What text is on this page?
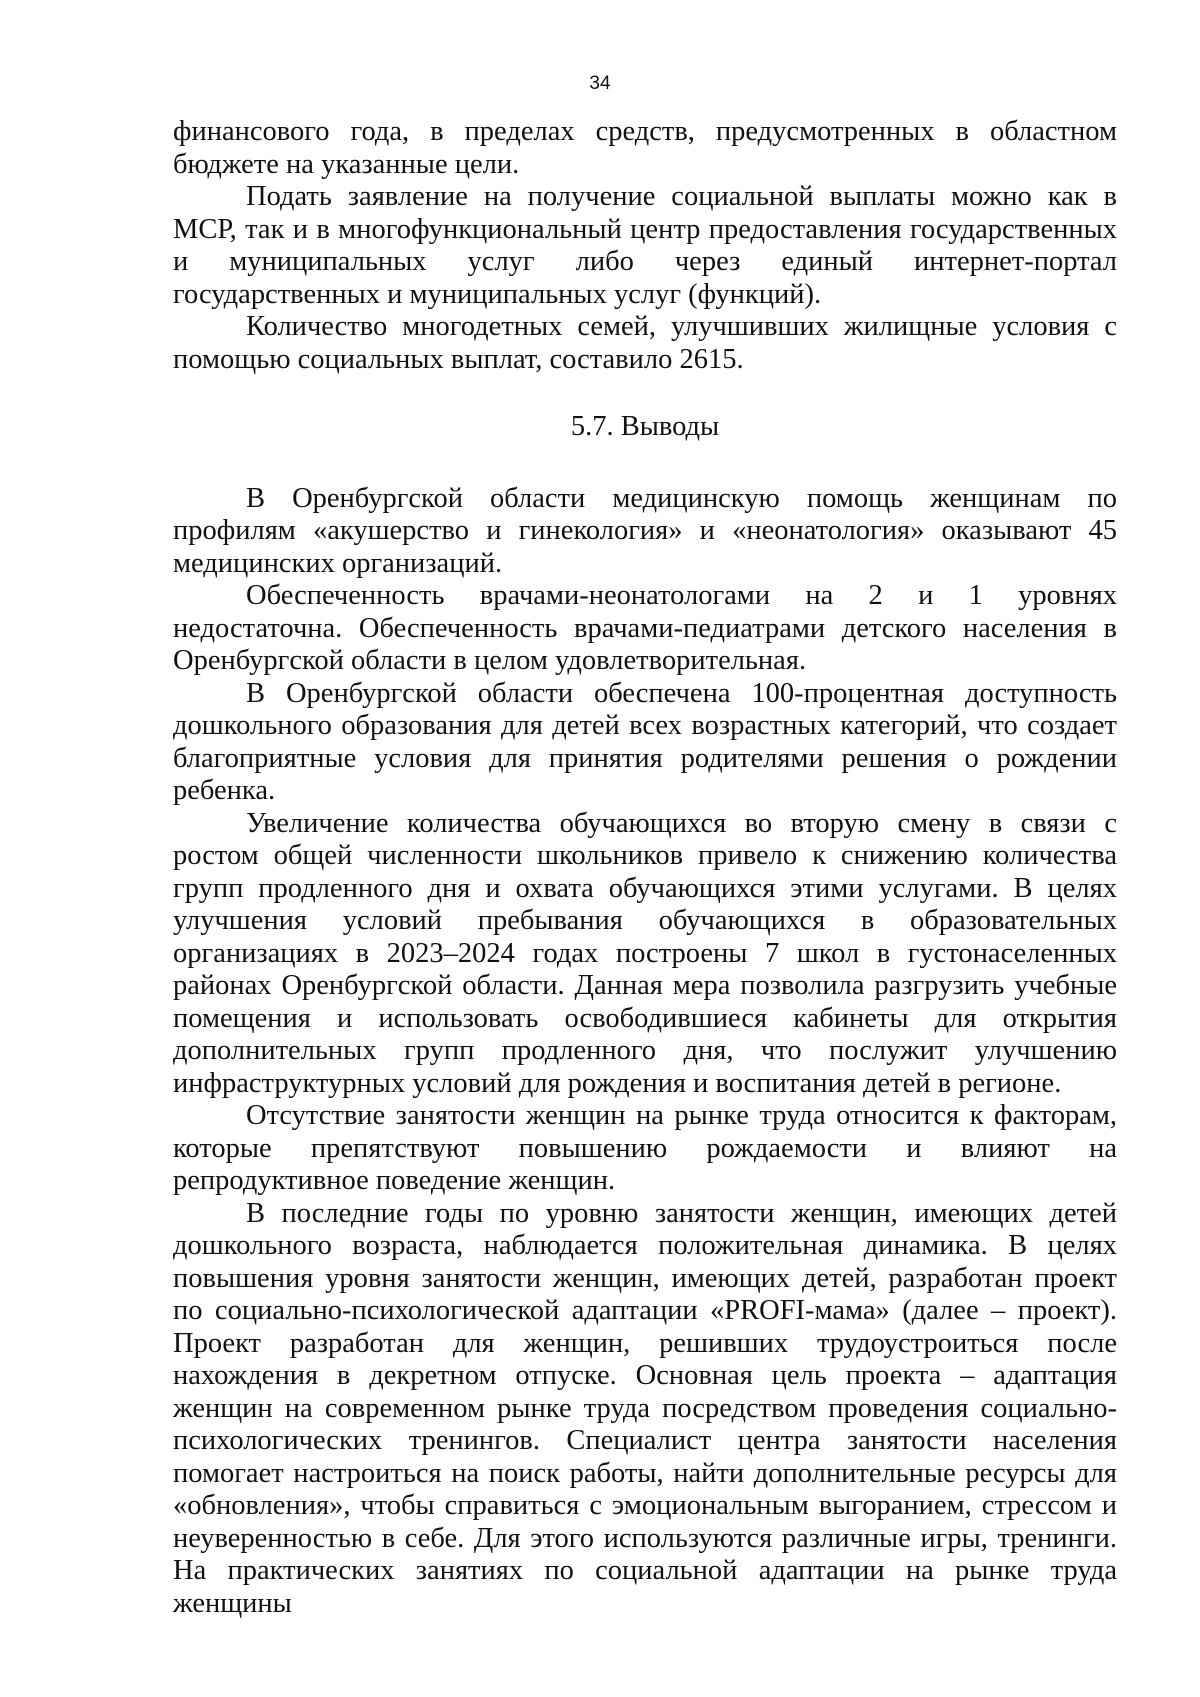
34

финансового года, в пределах средств, предусмотренных в областном бюджете на указанные цели.

Подать заявление на получение социальной выплаты можно как в МСР, так и в многофункциональный центр предоставления государственных и муниципальных услуг либо через единый интернет-портал государственных и муниципальных услуг (функций).

Количество многодетных семей, улучшивших жилищные условия с помощью социальных выплат, составило 2615.

5.7. Выводы

В Оренбургской области медицинскую помощь женщинам по профилям «акушерство и гинекология» и «неонатология» оказывают 45 медицинских организаций.

Обеспеченность врачами-неонатологами на 2 и 1 уровнях недостаточна. Обеспеченность врачами-педиатрами детского населения в Оренбургской области в целом удовлетворительная.

В Оренбургской области обеспечена 100-процентная доступность дошкольного образования для детей всех возрастных категорий, что создает благоприятные условия для принятия родителями решения о рождении ребенка.

Увеличение количества обучающихся во вторую смену в связи с ростом общей численности школьников привело к снижению количества групп продленного дня и охвата обучающихся этими услугами. В целях улучшения условий пребывания обучающихся в образовательных организациях в 2023–2024 годах построены 7 школ в густонаселенных районах Оренбургской области. Данная мера позволила разгрузить учебные помещения и использовать освободившиеся кабинеты для открытия дополнительных групп продленного дня, что послужит улучшению инфраструктурных условий для рождения и воспитания детей в регионе.

Отсутствие занятости женщин на рынке труда относится к факторам, которые препятствуют повышению рождаемости и влияют на репродуктивное поведение женщин.

В последние годы по уровню занятости женщин, имеющих детей дошкольного возраста, наблюдается положительная динамика. В целях повышения уровня занятости женщин, имеющих детей, разработан проект по социально-психологической адаптации «PROFI-мама» (далее – проект). Проект разработан для женщин, решивших трудоустроиться после нахождения в декретном отпуске. Основная цель проекта – адаптация женщин на современном рынке труда посредством проведения социально-психологических тренингов. Специалист центра занятости населения помогает настроиться на поиск работы, найти дополнительные ресурсы для «обновления», чтобы справиться с эмоциональным выгоранием, стрессом и неуверенностью в себе. Для этого используются различные игры, тренинги. На практических занятиях по социальной адаптации на рынке труда женщины
